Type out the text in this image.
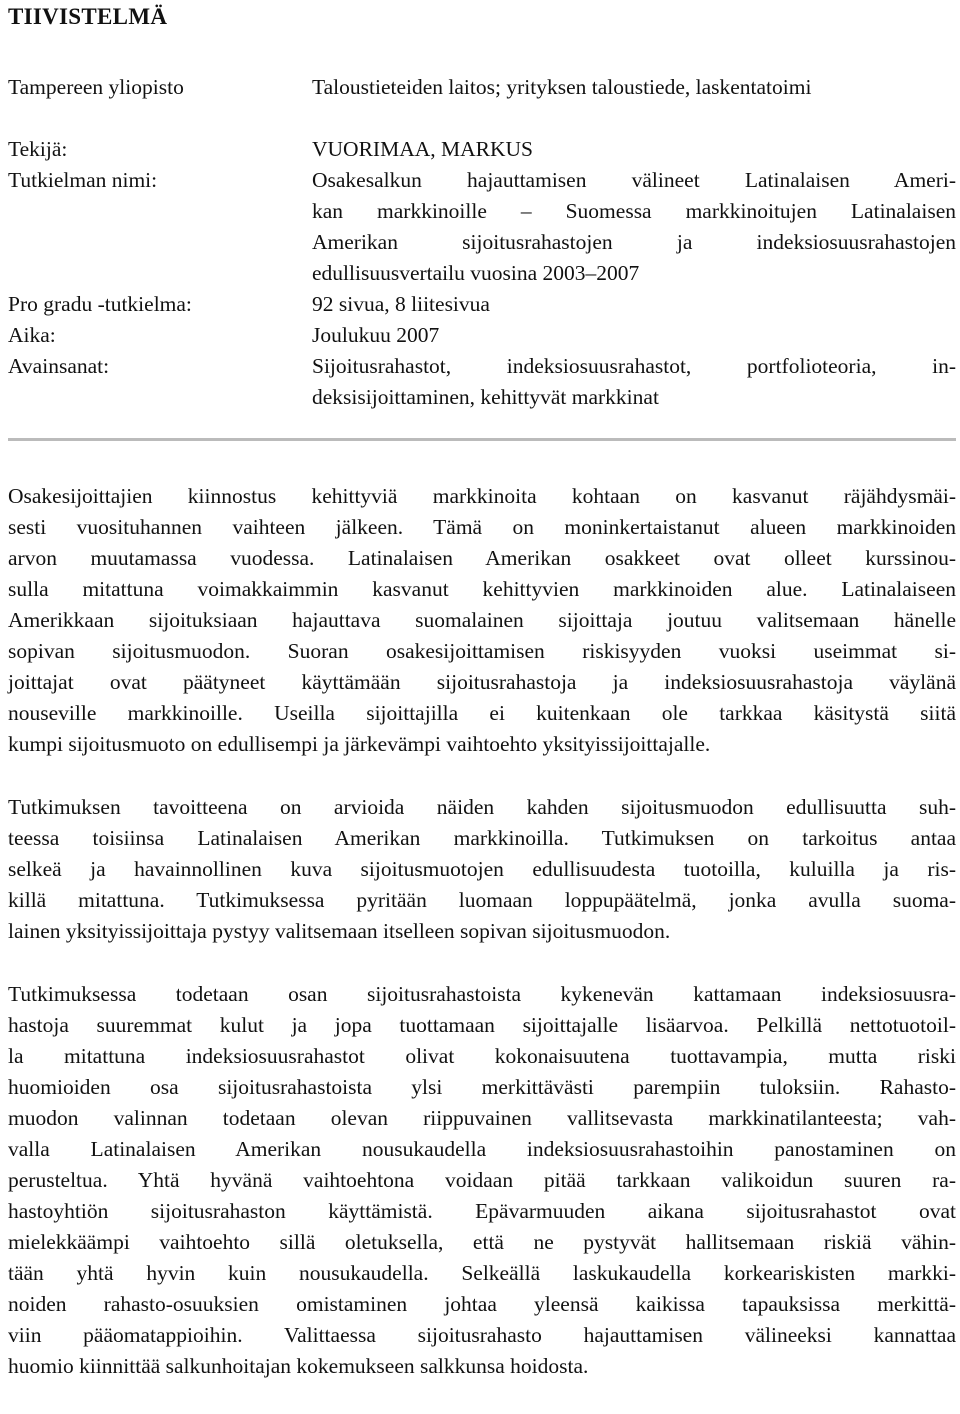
TIIVISTELMÄ
Tampereen yliopisto	Taloustieteiden laitos; yrityksen taloustiede, laskentatoimi
Tekijä:	VUORIMAA, MARKUS
Tutkielman nimi:	Osakesalkun hajauttamisen välineet Latinalaisen Ameri-
kan markkinoille – Suomessa markkinoitujen Latinalaisen
Amerikan sijoitusrahastojen ja indeksiosuusrahastojen
edullisuusvertailu vuosina 2003–2007
Pro gradu -tutkielma:	92 sivua, 8 liitesivua
Aika:	Joulukuu 2007
Avainsanat:	Sijoitusrahastot, indeksiosuusrahastot, portfolioteoria, in-
deksisijoittaminen, kehittyvät markkinat
Osakesijoittajien kiinnostus kehittyviä markkinoita kohtaan on kasvanut räjähdysmäi-
sesti vuosituhannen vaihteen jälkeen. Tämä on moninkertaistanut alueen markkinoiden
arvon muutamassa vuodessa. Latinalaisen Amerikan osakkeet ovat olleet kurssinou-
sulla mitattuna voimakkaimmin kasvanut kehittyvien markkinoiden alue. Latinalaiseen
Amerikkaan sijoituksiaan hajauttava suomalainen sijoittaja joutuu valitsemaan hänelle
sopivan sijoitusmuodon. Suoran osakesijoittamisen riskisyyden vuoksi useimmat si-
joittajat ovat päätyneet käyttämään sijoitusrahastoja ja indeksiosuusrahastoja väylänä
nouseville markkinoille. Useilla sijoittajilla ei kuitenkaan ole tarkkaa käsitystä siitä
kumpi sijoitusmuoto on edullisempi ja järkevämpi vaihtoehto yksityissijoittajalle.
Tutkimuksen tavoitteena on arvioida näiden kahden sijoitusmuodon edullisuutta suh-
teessa toisiinsa Latinalaisen Amerikan markkinoilla. Tutkimuksen on tarkoitus antaa
selkeä ja havainnollinen kuva sijoitusmuotojen edullisuudesta tuotoilla, kuluilla ja ris-
killä mitattuna. Tutkimuksessa pyritään luomaan loppupäätelmä, jonka avulla suoma-
lainen yksityissijoittaja pystyy valitsemaan itselleen sopivan sijoitusmuodon.
Tutkimuksessa todetaan osan sijoitusrahastoista kykenevän kattamaan indeksiosuusra-
hastoja suuremmat kulut ja jopa tuottamaan sijoittajalle lisäarvoa. Pelkillä nettotuotoil-
la mitattuna indeksiosuusrahastot olivat kokonaisuutena tuottavampia, mutta riski
huomioiden osa sijoitusrahastoista ylsi merkittävästi parempiin tuloksiin. Rahasto-
muodon valinnan todetaan olevan riippuvainen vallitsevasta markkinatilanteesta; vah-
valla Latinalaisen Amerikan nousukaudella indeksiosuusrahastoihin panostaminen on
perusteltua. Yhtä hyvänä vaihtoehtona voidaan pitää tarkkaan valikoidun suuren ra-
hastoyhtiön sijoitusrahaston käyttämistä. Epävarmuuden aikana sijoitusrahastot ovat
mielekkäämpi vaihtoehto sillä oletuksella, että ne pystyvät hallitsemaan riskiä vähin-
tään yhtä hyvin kuin nousukaudella. Selkeällä laskukaudella korkeariskisten markki-
noiden rahasto-osuuksien omistaminen johtaa yleensä kaikissa tapauksissa merkittä-
viin pääomatappioihin. Valittaessa sijoitusrahasto hajauttamisen välineeksi kannattaa
huomio kiinnittää salkunhoitajan kokemukseen salkkunsa hoidosta.
